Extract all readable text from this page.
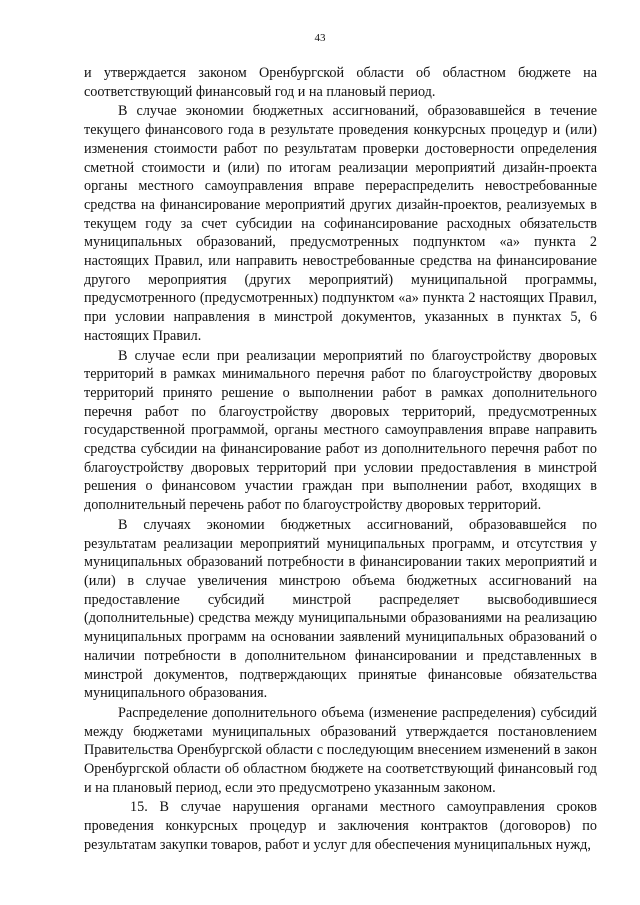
43

и утверждается законом Оренбургской области об областном бюджете на соответствующий финансовый год и на плановый период.

В случае экономии бюджетных ассигнований, образовавшейся в течение текущего финансового года в результате проведения конкурсных процедур и (или) изменения стоимости работ по результатам проверки достоверности определения сметной стоимости и (или) по итогам реализации мероприятий дизайн-проекта органы местного самоуправления вправе перераспределить невостребованные средства на финансирование мероприятий других дизайн-проектов, реализуемых в текущем году за счет субсидии на софинансирование расходных обязательств муниципальных образований, предусмотренных подпунктом «а» пункта 2 настоящих Правил, или направить невостребованные средства на финансирование другого мероприятия (других мероприятий) муниципальной программы, предусмотренного (предусмотренных) подпунктом «а» пункта 2 настоящих Правил, при условии направления в минстрой документов, указанных в пунктах 5, 6 настоящих Правил.

В случае если при реализации мероприятий по благоустройству дворовых территорий в рамках минимального перечня работ по благоустройству дворовых территорий принято решение о выполнении работ в рамках дополнительного перечня работ по благоустройству дворовых территорий, предусмотренных государственной программой, органы местного самоуправления вправе направить средства субсидии на финансирование работ из дополнительного перечня работ по благоустройству дворовых территорий при условии предоставления в минстрой решения о финансовом участии граждан при выполнении работ, входящих в дополнительный перечень работ по благоустройству дворовых территорий.

В случаях экономии бюджетных ассигнований, образовавшейся по результатам реализации мероприятий муниципальных программ, и отсутствия у муниципальных образований потребности в финансировании таких мероприятий и (или) в случае увеличения минстрою объема бюджетных ассигнований на предоставление субсидий минстрой распределяет высвободившиеся (дополнительные) средства между муниципальными образованиями на реализацию муниципальных программ на основании заявлений муниципальных образований о наличии потребности в дополнительном финансировании и представленных в минстрой документов, подтверждающих принятые финансовые обязательства муниципального образования.

Распределение дополнительного объема (изменение распределения) субсидий между бюджетами муниципальных образований утверждается постановлением Правительства Оренбургской области с последующим внесением изменений в закон Оренбургской области об областном бюджете на соответствующий финансовый год и на плановый период, если это предусмотрено указанным законом.

15. В случае нарушения органами местного самоуправления сроков проведения конкурсных процедур и заключения контрактов (договоров) по результатам закупки товаров, работ и услуг для обеспечения муниципальных нужд,
